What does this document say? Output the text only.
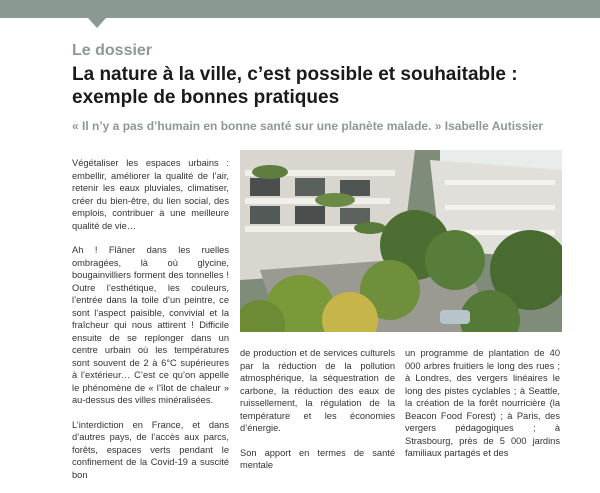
Le dossier
La nature à la ville, c’est possible et souhaitable :
exemple de bonnes pratiques
« Il n’y a pas d’humain en bonne santé sur une planète malade. » Isabelle Autissier

Végétaliser les espaces urbains : embellir, améliorer la qualité de l’air, retenir les eaux pluviales, climatiser, créer du bien-être, du lien social, des emplois, contribuer à une meilleure qualité de vie…

Ah ! Flâner dans les ruelles ombragées, là où glycine, bougainvilliers forment des tonnelles ! Outre l’esthétique, les couleurs, l’entrée dans la toile d’un peintre, ce sont l’aspect paisible, convivial et la fraîcheur qui nous attirent ! Difficile ensuite de se replonger dans un centre urbain où les températures sont souvent de 2 à 6°C supérieures à l’extérieur… C’est ce qu’on appelle le phénomène de « l’îlot de chaleur » au-dessus des villes minéralisées.

L’interdiction en France, et dans d’autres pays, de l’accès aux parcs, forêts, espaces verts pendant le confinement de la Covid-19 a suscité bon

de production et de services culturels par la réduction de la pollution atmosphérique, la séquestration de carbone, la réduction des eaux de ruissellement, la régulation de la température et les économies d’énergie.

Son apport en termes de santé mentale

un programme de plantation de 40 000 arbres fruitiers le long des rues ; à Londres, des vergers linéaires le long des pistes cyclables ; à Seattle, la création de la forêt nourricière (la Beacon Food Forest) ; à Paris, des vergers pédagogiques ; à Strasbourg, près de 5 000 jardins familiaux partagés et des
